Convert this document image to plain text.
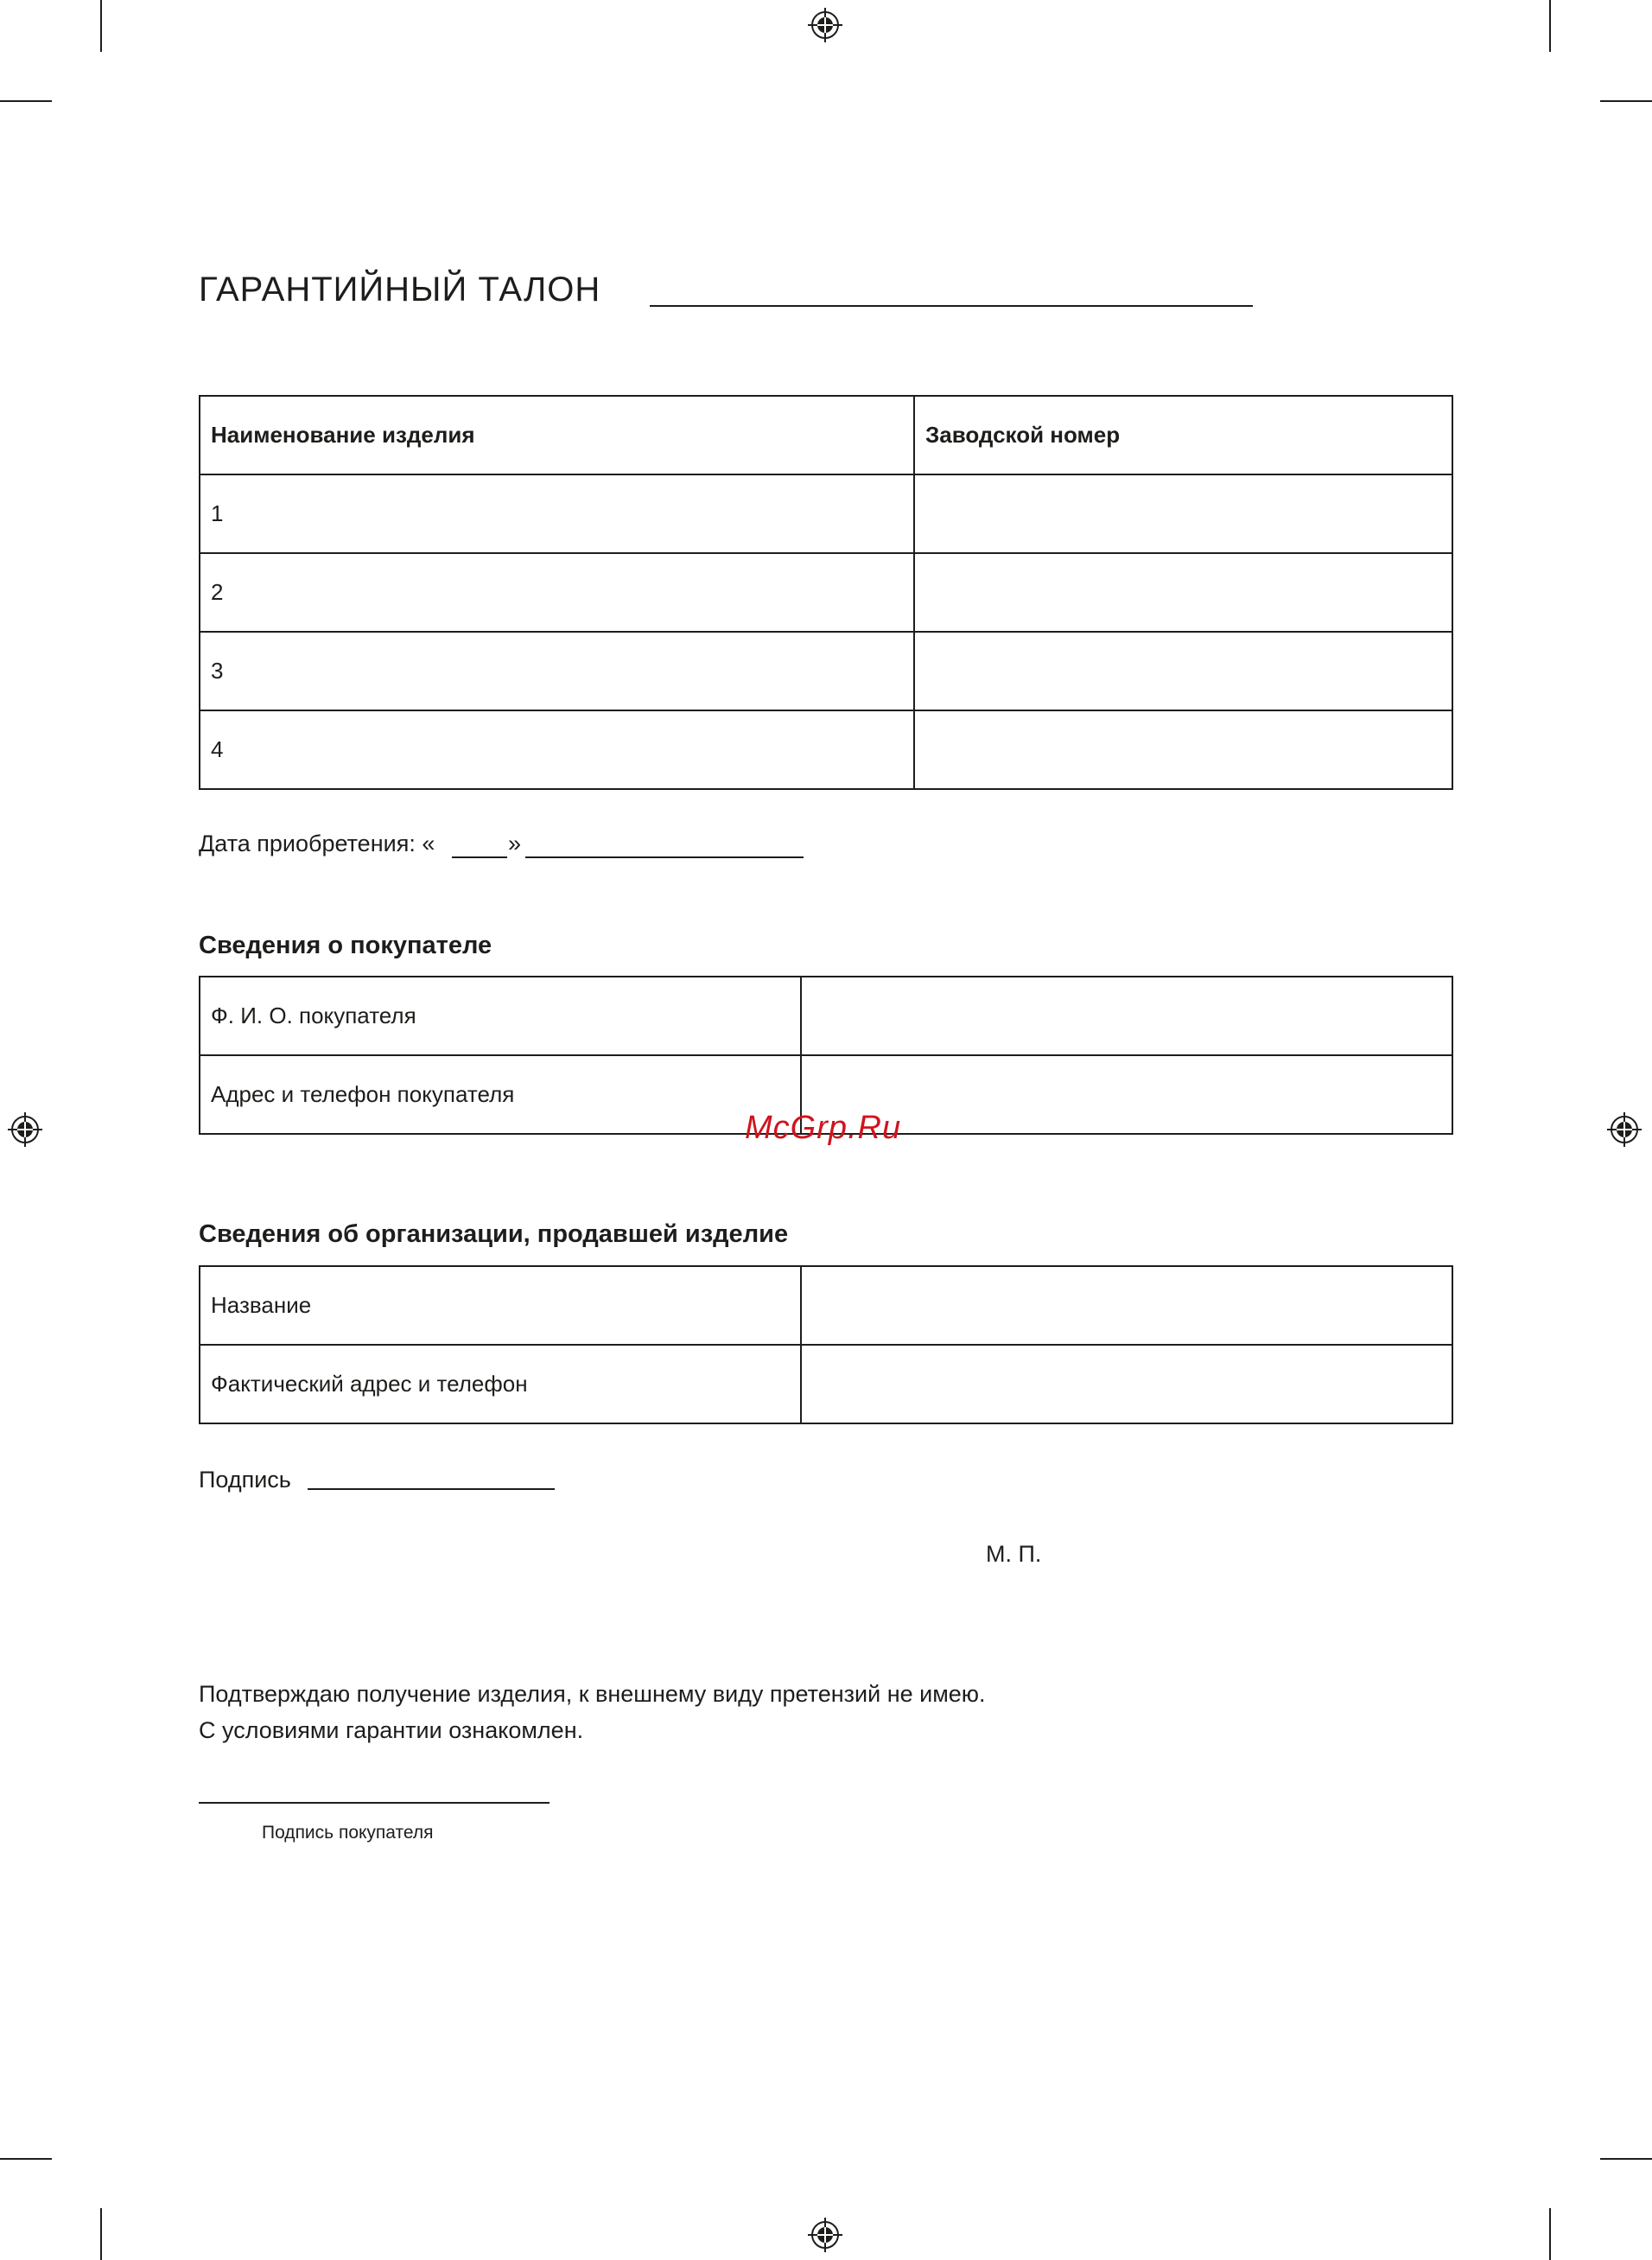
ГАРАНТИЙНЫЙ ТАЛОН
Наименование изделия	Заводской номер
1	
2	
3	
4	
Дата приобретения: «	»
Сведения о покупателе
Ф. И. О. покупателя	
Адрес и телефон покупателя	
McGrp.Ru
Сведения об организации, продавшей изделие
Название	
Фактический адрес и телефон	
Подпись
М. П.
Подтверждаю получение изделия, к внешнему виду претензий не имею.
С условиями гарантии ознакомлен.
Подпись покупателя
